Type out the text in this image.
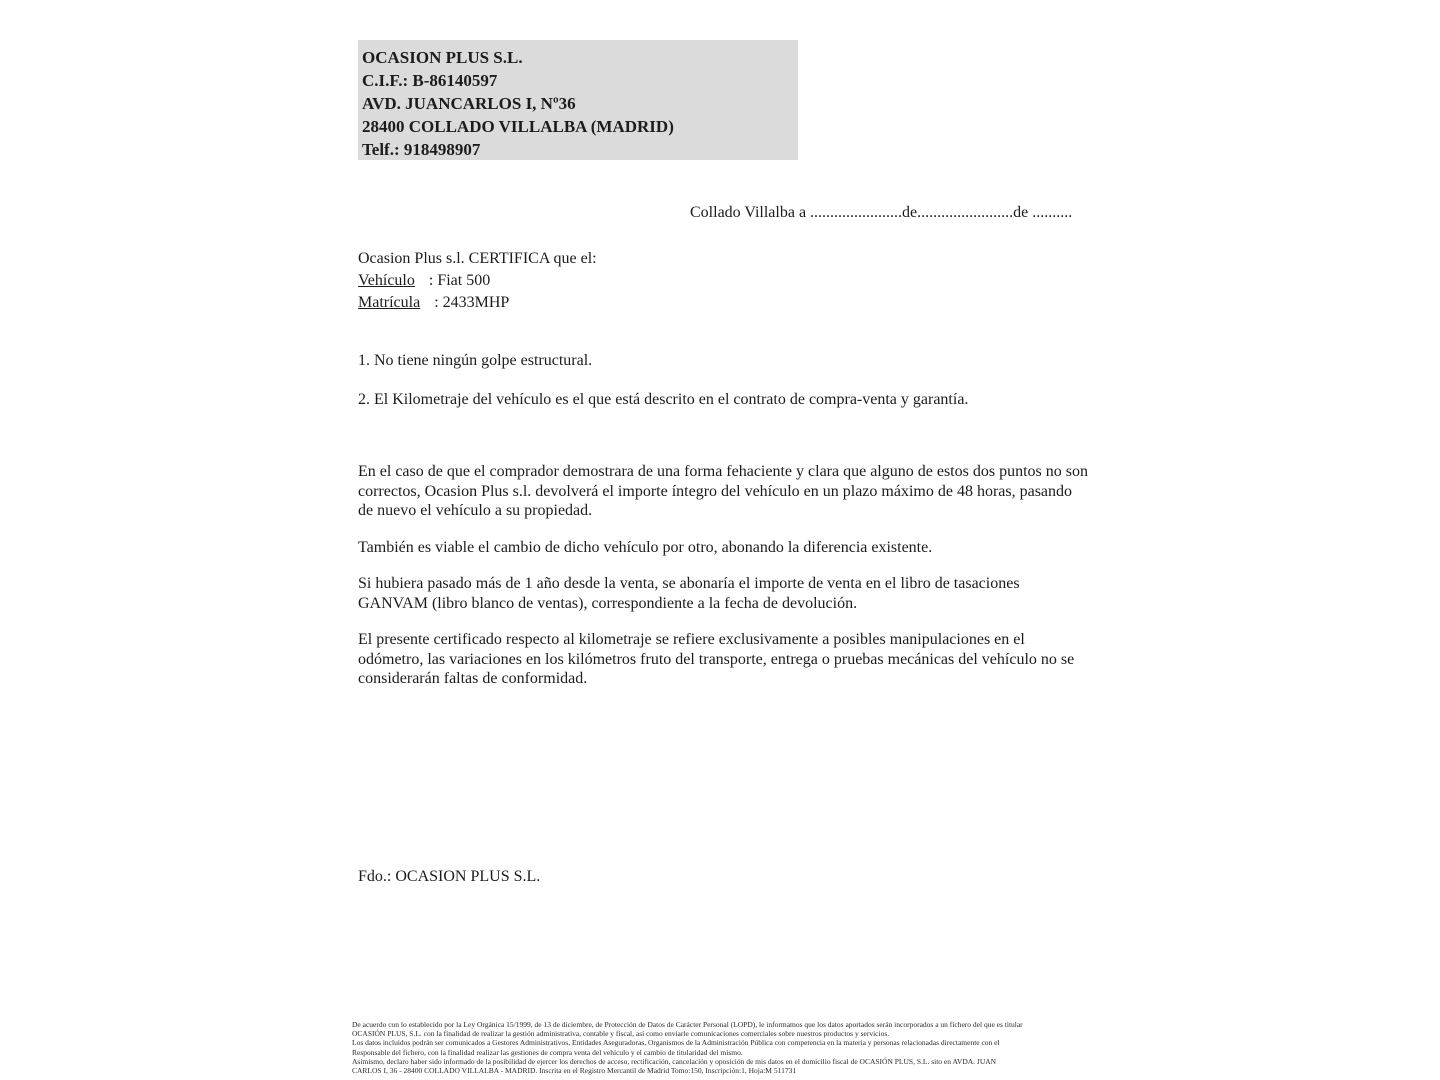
OCASION PLUS S.L.
C.I.F.: B-86140597
AVD. JUANCARLOS I, Nº36
28400 COLLADO VILLALBA (MADRID)
Telf.: 918498907
Collado Villalba a .......................de........................de ..........
Ocasion Plus s.l. CERTIFICA que el:
Vehículo : Fiat 500
Matrícula : 2433MHP
1. No tiene ningún golpe estructural.
2. El Kilometraje del vehículo es el que está descrito en el contrato de compra-venta y garantía.

En el caso de que el comprador demostrara de una forma fehaciente y clara que alguno de estos dos puntos no son correctos, Ocasion Plus s.l. devolverá el importe íntegro del vehículo en un plazo máximo de 48 horas, pasando de nuevo el vehículo a su propiedad.

También es viable el cambio de dicho vehículo por otro, abonando la diferencia existente.

Si hubiera pasado más de 1 año desde la venta, se abonaría el importe de venta en el libro de tasaciones GANVAM (libro blanco de ventas), correspondiente a la fecha de devolución.

El presente certificado respecto al kilometraje se refiere exclusivamente a posibles manipulaciones en el odómetro, las variaciones en los kilómetros fruto del transporte, entrega o pruebas mecánicas del vehículo no se considerarán faltas de conformidad.

Fdo.: OCASION PLUS S.L.
De acuerdo con lo establecido por la Ley Orgánica 15/1999, de 13 de diciembre, de Protección de Datos de Carácter Personal (LOPD), le informamos que los datos aportados serán incorporados a un fichero del que es titular
OCASIÓN PLUS, S.L. con la finalidad de realizar la gestión administrativa, contable y fiscal, así como enviarle comunicaciones comerciales sobre nuestros productos y servicios.
Los datos incluidos podrán ser comunicados a Gestores Administrativos, Entidades Aseguradoras, Organismos de la Administración Pública con competencia en la materia y personas relacionadas directamente con el
Responsable del fichero, con la finalidad realizar las gestiones de compra venta del vehículo y el cambio de titularidad del mismo.
Asimismo, declaro haber sido informado de la posibilidad de ejercer los derechos de acceso, rectificación, cancelación y oposición de mis datos en el domicilio fiscal de OCASIÓN PLUS, S.L. sito en AVDA. JUAN
CARLOS I, 36 - 28400 COLLADO VILLALBA - MADRID. Inscrita en el Registro Mercantil de Madrid Tomo:150, Inscripción:1, Hoja:M 511731
